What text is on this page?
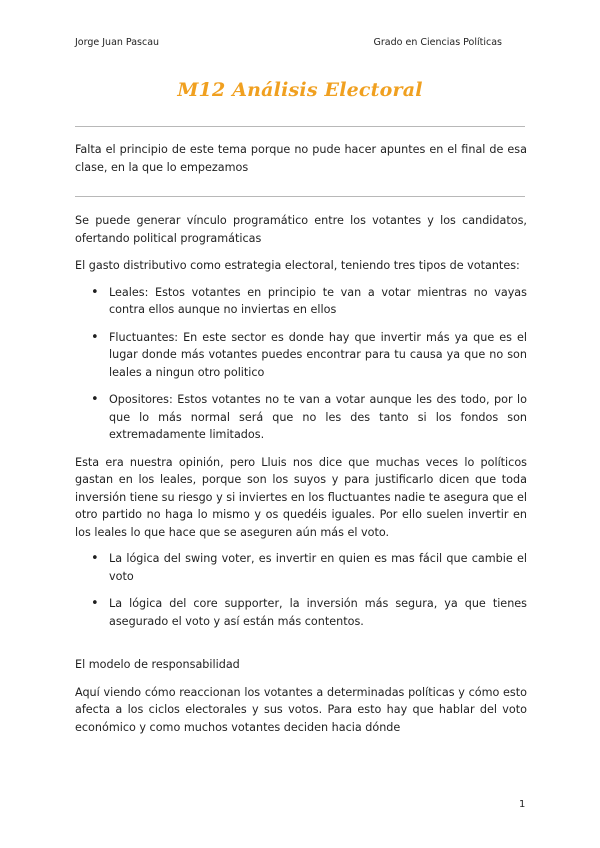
Jorge Juan Pascau	Grado en Ciencias Políticas
M12 Análisis Electoral

Falta el principio de este tema porque no pude hacer apuntes en el final de esa clase, en la que lo empezamos

Se puede generar vínculo programático entre los votantes y los candidatos, ofertando political programáticas

El gasto distributivo como estrategia electoral, teniendo tres tipos de votantes:

• Leales: Estos votantes en principio te van a votar mientras no vayas contra ellos aunque no inviertas en ellos
• Fluctuantes: En este sector es donde hay que invertir más ya que es el lugar donde más votantes puedes encontrar para tu causa ya que no son leales a ningun otro politico
• Opositores: Estos votantes no te van a votar aunque les des todo, por lo que lo más normal será que no les des tanto si los fondos son extremadamente limitados.

Esta era nuestra opinión, pero Lluis nos dice que muchas veces lo políticos gastan en los leales, porque son los suyos y para justificarlo dicen que toda inversión tiene su riesgo y si inviertes en los fluctuantes nadie te asegura que el otro partido no haga lo mismo y os quedéis iguales. Por ello suelen invertir en los leales lo que hace que se aseguren aún más el voto.

• La lógica del swing voter, es invertir en quien es mas fácil que cambie el voto
• La lógica del core supporter, la inversión más segura, ya que tienes asegurado el voto y así están más contentos.

El modelo de responsabilidad

Aquí viendo cómo reaccionan los votantes a determinadas políticas y cómo esto afecta a los ciclos electorales y sus votos. Para esto hay que hablar del voto económico y como muchos votantes deciden hacia dónde

1
